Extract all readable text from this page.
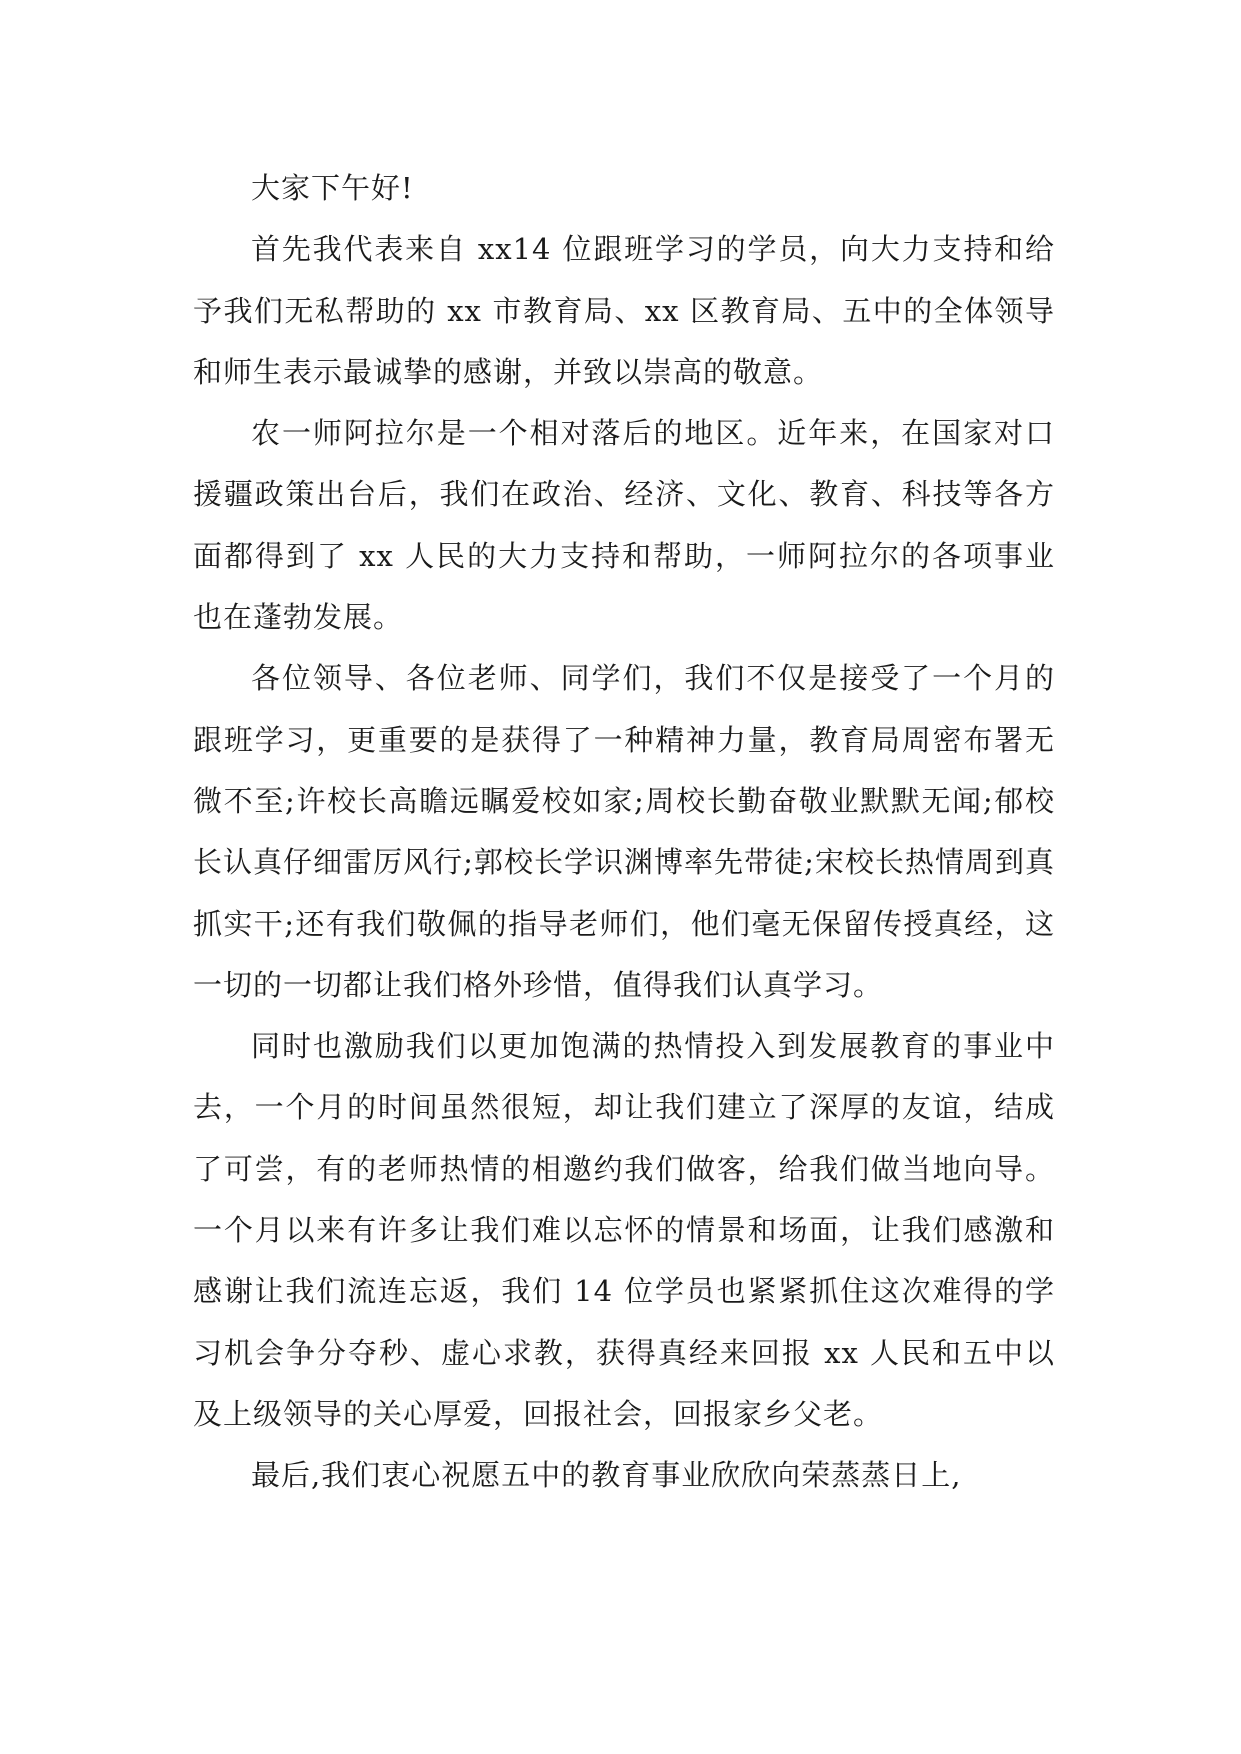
大家下午好!

首先我代表来自 xx14 位跟班学习的学员，向大力支持和给予我们无私帮助的 xx 市教育局、xx 区教育局、五中的全体领导和师生表示最诚挚的感谢，并致以崇高的敬意。

农一师阿拉尔是一个相对落后的地区。近年来，在国家对口援疆政策出台后，我们在政治、经济、文化、教育、科技等各方面都得到了 xx 人民的大力支持和帮助，一师阿拉尔的各项事业也在蓬勃发展。

各位领导、各位老师、同学们，我们不仅是接受了一个月的跟班学习，更重要的是获得了一种精神力量，教育局周密布署无微不至;许校长高瞻远瞩爱校如家;周校长勤奋敬业默默无闻;郁校长认真仔细雷厉风行;郭校长学识渊博率先带徒;宋校长热情周到真抓实干;还有我们敬佩的指导老师们，他们毫无保留传授真经，这一切的一切都让我们格外珍惜，值得我们认真学习。

同时也激励我们以更加饱满的热情投入到发展教育的事业中去，一个月的时间虽然很短，却让我们建立了深厚的友谊，结成了可尝，有的老师热情的相邀约我们做客，给我们做当地向导。一个月以来有许多让我们难以忘怀的情景和场面，让我们感激和感谢让我们流连忘返，我们 14 位学员也紧紧抓住这次难得的学习机会争分夺秒、虚心求教，获得真经来回报 xx 人民和五中以及上级领导的关心厚爱，回报社会，回报家乡父老。

最后,我们衷心祝愿五中的教育事业欣欣向荣蒸蒸日上,
